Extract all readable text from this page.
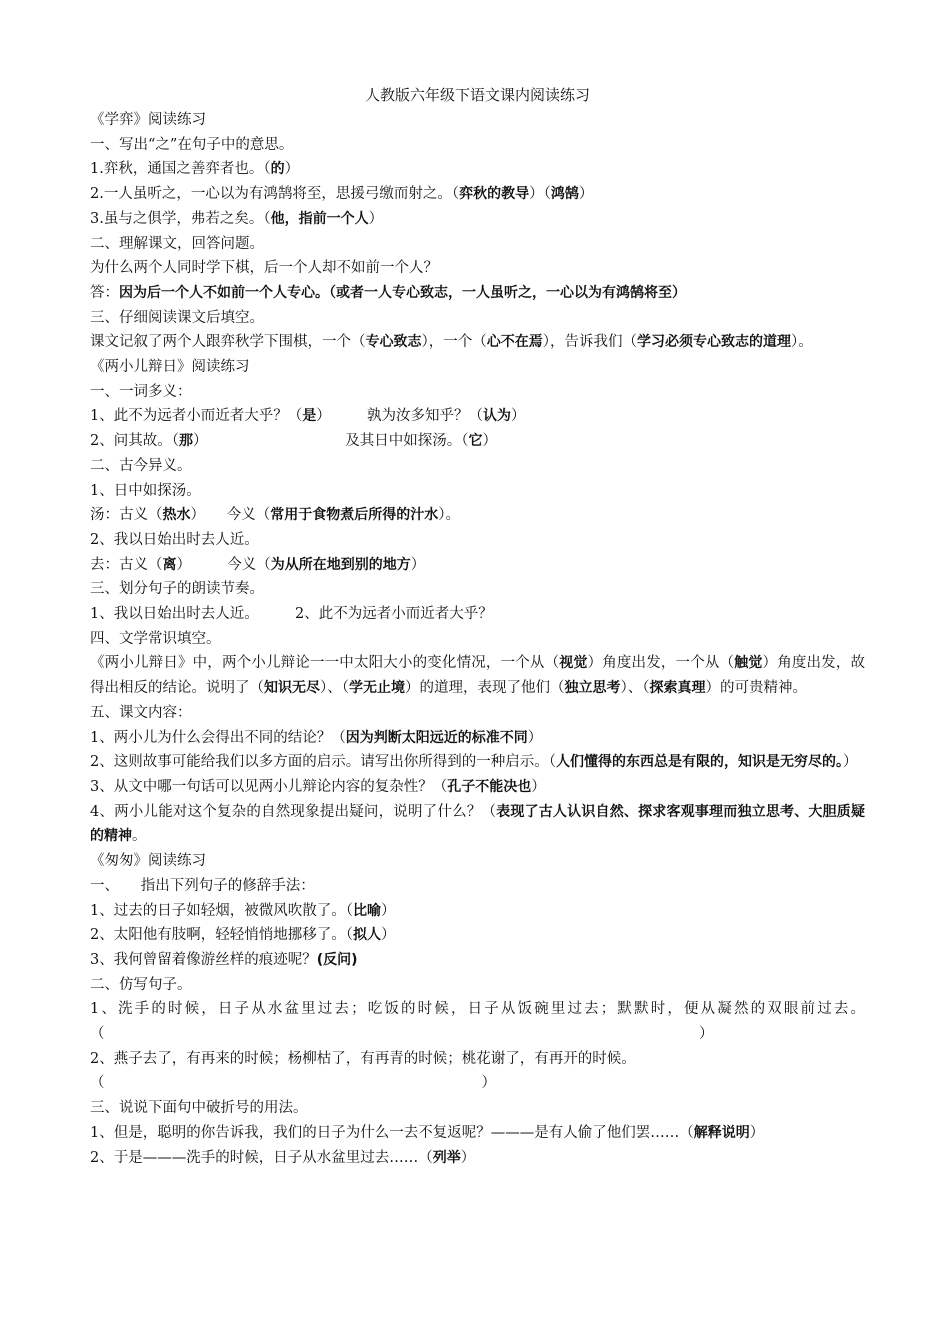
人教版六年级下语文课内阅读练习
《学弈》阅读练习
一、写出“之”在句子中的意思。
1.弈秋，通国之善弈者也。（的）
2.一人虽听之，一心以为有鸿鹄将至，思援弓缴而射之。（弈秋的教导）（鸿鹄）
3.虽与之俱学，弗若之矣。（他，指前一个人）
二、理解课文，回答问题。
为什么两个人同时学下棋，后一个人却不如前一个人？
答：因为后一个人不如前一个人专心。（或者一人专心致志，一人虽听之，一心以为有鸿鹄将至）
三、仔细阅读课文后填空。
课文记叙了两个人跟弈秋学下围棋，一个（专心致志），一个（心不在焉），告诉我们（学习必须专心致志的道理）。
《两小儿辩日》阅读练习
一、一词多义：
1、此不为远者小而近者大乎？（是）　　　孰为汝多知乎？（认为）
2、问其故。（那）　　　　　　　　　　及其日中如探汤。（它）
二、古今异义。
1、日中如探汤。
汤：古义（热水）　　今义（常用于食物煮后所得的汁水）。
2、我以日始出时去人近。
去：古义（离）　　　今义（为从所在地到别的地方）
三、划分句子的朗读节奏。
1、我以日始出时去人近。　　　2、此不为远者小而近者大乎？
四、文学常识填空。
《两小儿辩日》中，两个小儿辩论一一中太阳大小的变化情况，一个从（视觉）角度出发，一个从（触觉）角度出发，故得出相反的结论。说明了（知识无尽）、（学无止境）的道理，表现了他们（独立思考）、（探索真理）的可贵精神。
五、课文内容：
1、两小儿为什么会得出不同的结论？（因为判断太阳远近的标准不同）
2、这则故事可能给我们以多方面的启示。请写出你所得到的一种启示。（人们懂得的东西总是有限的，知识是无穷尽的。）
3、从文中哪一句话可以见两小儿辩论内容的复杂性？（孔子不能决也）
4、两小儿能对这个复杂的自然现象提出疑问，说明了什么？（表现了古人认识自然、探求客观事理而独立思考、大胆质疑的精神。
《匆匆》阅读练习
一、　　指出下列句子的修辞手法：
1、过去的日子如轻烟，被微风吹散了。（比喻）
2、太阳他有肢啊，轻轻悄悄地挪移了。（拟人）
3、我何曾留着像游丝样的痕迹呢？(反问)
二、仿写句子。
1、洗手的时候，日子从水盆里过去；吃饭的时候，日子从饭碗里过去；默默时，便从凝然的双眼前过去。（　　　　　　　　　　　　　　　　　　　　　　　　　　　　　　　　　　　　　　　　　）
2、燕子去了，有再来的时候；杨柳枯了，有再青的时候；桃花谢了，有再开的时候。
（　　　　　　　　　　　　　　　　　　　　　　　　　　）
三、说说下面句中破折号的用法。
1、但是，聪明的你告诉我，我们的日子为什么一去不复返呢？———是有人偷了他们罢……（解释说明）
2、于是———洗手的时候，日子从水盆里过去……（列举）
